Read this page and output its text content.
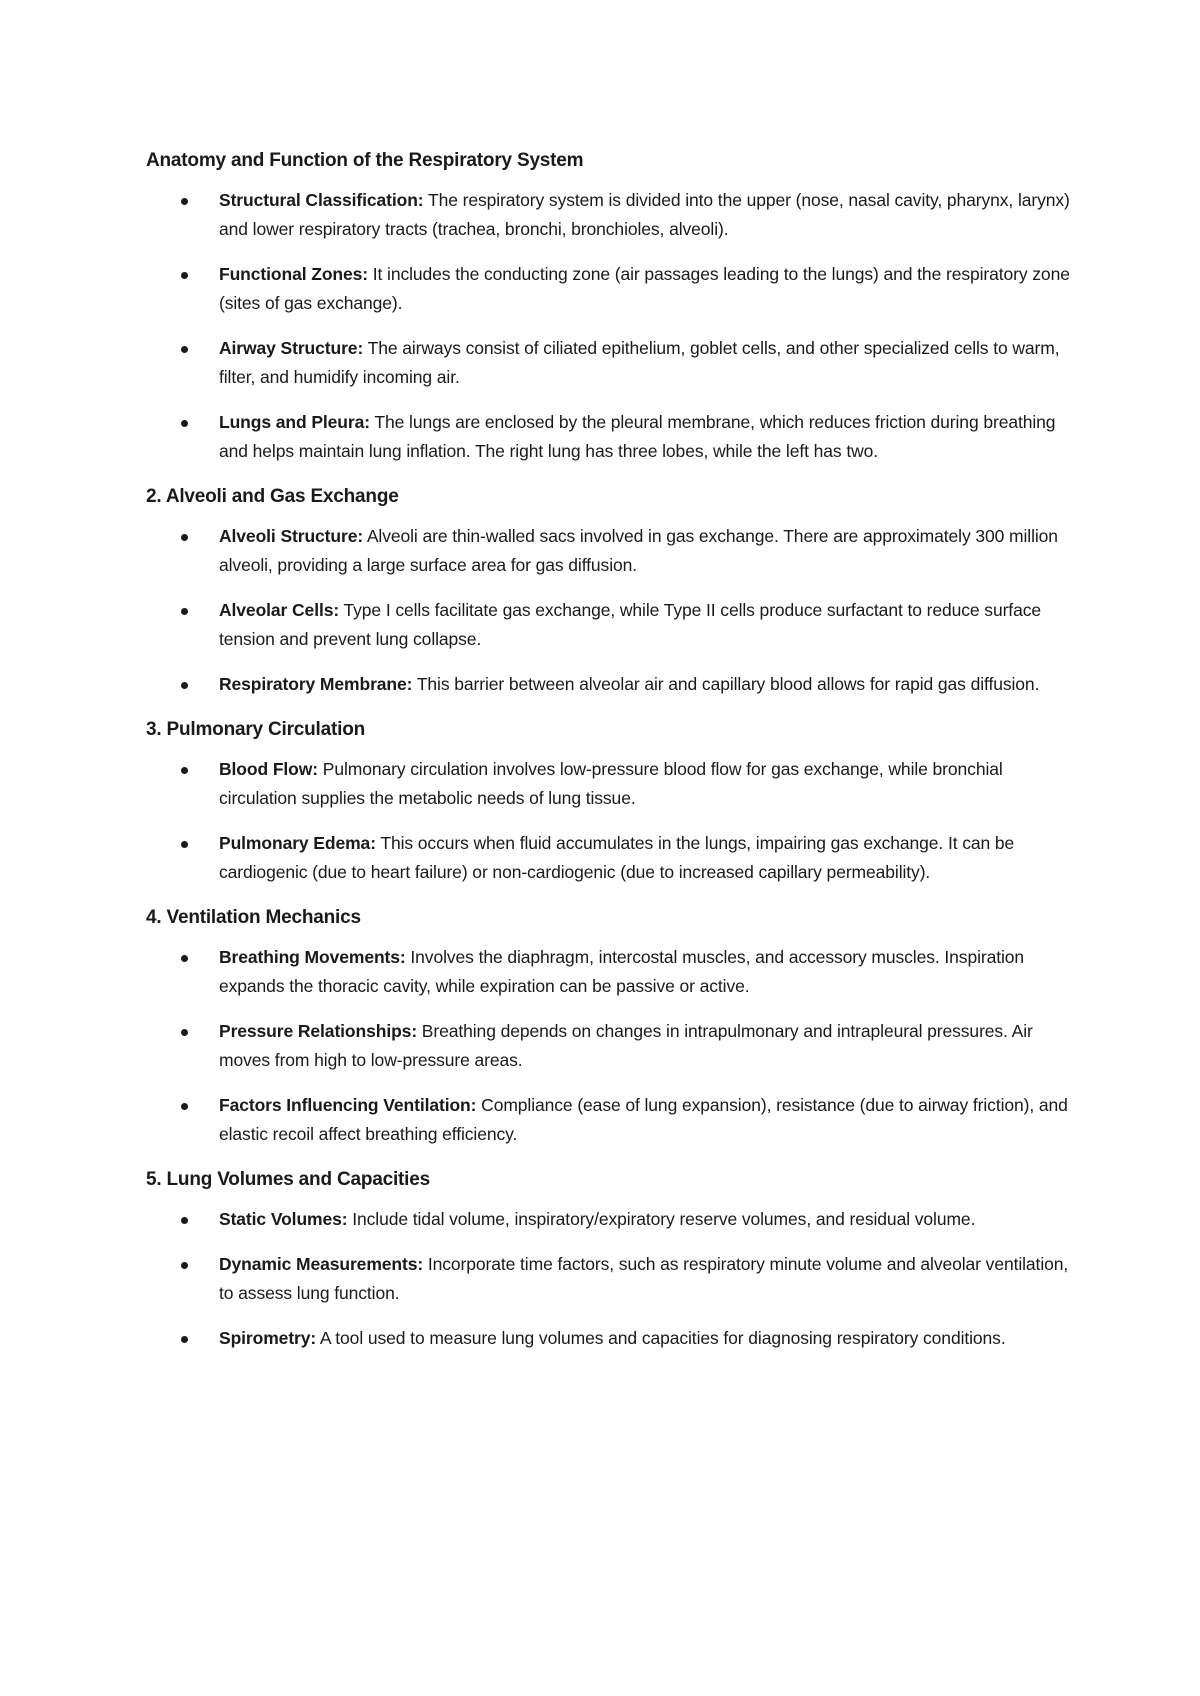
Anatomy and Function of the Respiratory System
Structural Classification: The respiratory system is divided into the upper (nose, nasal cavity, pharynx, larynx) and lower respiratory tracts (trachea, bronchi, bronchioles, alveoli).
Functional Zones: It includes the conducting zone (air passages leading to the lungs) and the respiratory zone (sites of gas exchange).
Airway Structure: The airways consist of ciliated epithelium, goblet cells, and other specialized cells to warm, filter, and humidify incoming air.
Lungs and Pleura: The lungs are enclosed by the pleural membrane, which reduces friction during breathing and helps maintain lung inflation. The right lung has three lobes, while the left has two.
2. Alveoli and Gas Exchange
Alveoli Structure: Alveoli are thin-walled sacs involved in gas exchange. There are approximately 300 million alveoli, providing a large surface area for gas diffusion.
Alveolar Cells: Type I cells facilitate gas exchange, while Type II cells produce surfactant to reduce surface tension and prevent lung collapse.
Respiratory Membrane: This barrier between alveolar air and capillary blood allows for rapid gas diffusion.
3. Pulmonary Circulation
Blood Flow: Pulmonary circulation involves low-pressure blood flow for gas exchange, while bronchial circulation supplies the metabolic needs of lung tissue.
Pulmonary Edema: This occurs when fluid accumulates in the lungs, impairing gas exchange. It can be cardiogenic (due to heart failure) or non-cardiogenic (due to increased capillary permeability).
4. Ventilation Mechanics
Breathing Movements: Involves the diaphragm, intercostal muscles, and accessory muscles. Inspiration expands the thoracic cavity, while expiration can be passive or active.
Pressure Relationships: Breathing depends on changes in intrapulmonary and intrapleural pressures. Air moves from high to low-pressure areas.
Factors Influencing Ventilation: Compliance (ease of lung expansion), resistance (due to airway friction), and elastic recoil affect breathing efficiency.
5. Lung Volumes and Capacities
Static Volumes: Include tidal volume, inspiratory/expiratory reserve volumes, and residual volume.
Dynamic Measurements: Incorporate time factors, such as respiratory minute volume and alveolar ventilation, to assess lung function.
Spirometry: A tool used to measure lung volumes and capacities for diagnosing respiratory conditions.
